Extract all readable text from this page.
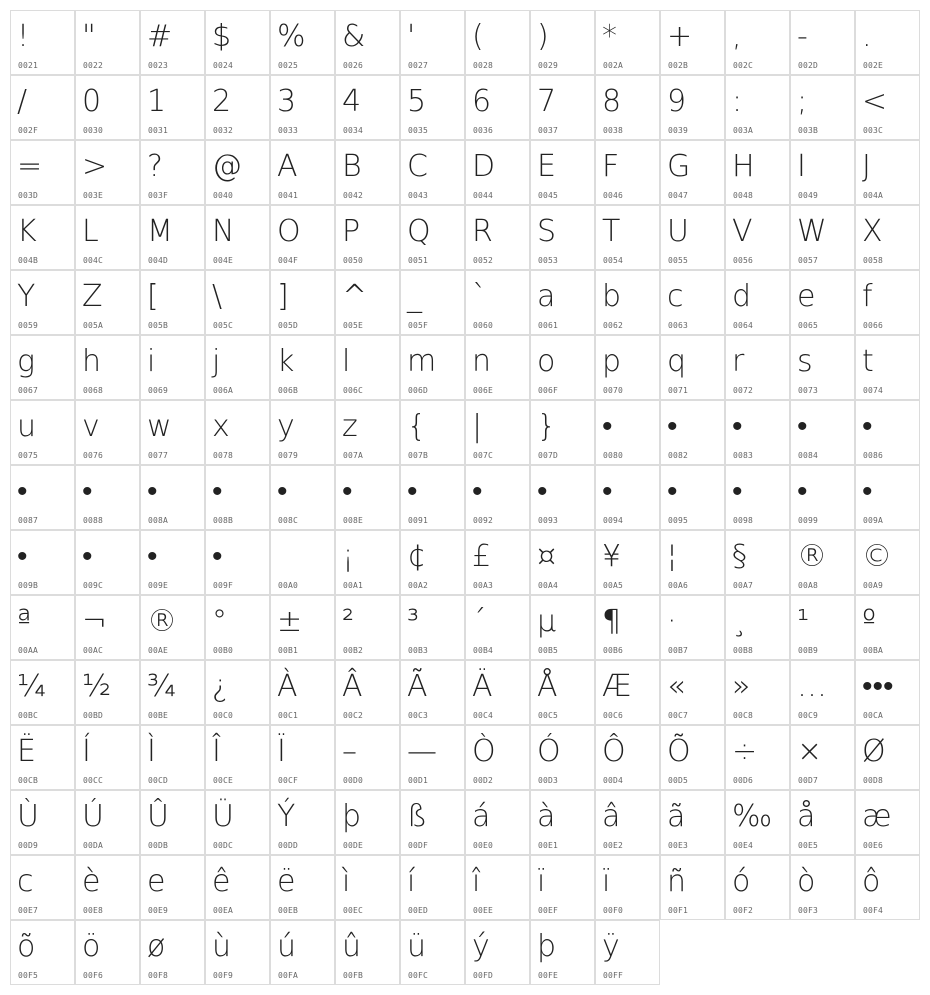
!
0021
"
0022
#
0023
$
0024
%
0025
&
0026
'
0027
(
0028
)
0029
*
002A
+
002B
,
002C
-
002D
.
002E
/
002F
0
0030
1
0031
2
0032
3
0033
4
0034
5
0035
6
0036
7
0037
8
0038
9
0039
:
003A
;
003B
<
003C
=
003D
>
003E
?
003F
@
0040
A
0041
B
0042
C
0043
D
0044
E
0045
F
0046
G
0047
H
0048
I
0049
J
004A
K
004B
L
004C
M
004D
N
004E
O
004F
P
0050
Q
0051
R
0052
S
0053
T
0054
U
0055
V
0056
W
0057
X
0058
Y
0059
Z
005A
[
005B
\
005C
]
005D
^
005E
_
005F
`
0060
a
0061
b
0062
c
0063
d
0064
e
0065
f
0066
g
0067
h
0068
i
0069
j
006A
k
006B
l
006C
m
006D
n
006E
o
006F
p
0070
q
0071
r
0072
s
0073
t
0074
u
0075
v
0076
w
0077
x
0078
y
0079
z
007A
{
007B
|
007C
}
007D
•
0080
•
0082
•
0083
•
0084
•
0086
•
0087
•
0088
•
008A
•
008B
•
008C
•
008E
•
0091
•
0092
•
0093
•
0094
•
0095
•
0098
•
0099
•
009A
•
009B
•
009C
•
009E
•
009F	00A0
¡
00A1
¢
00A2
£
00A3
¤
00A4
¥
00A5
¦
00A6
§
00A7
®
00A8
©
00A9
ª
00AA
¬
00AC
®
00AE
°
00B0
±
00B1
²
00B2
³
00B3
´
00B4
µ
00B5
¶
00B6
·
00B7
¸
00B8
¹
00B9
º
00BA
¼
00BC
½
00BD
¾
00BE
¿
00C0
À
00C1
Â
00C2
Ã
00C3
Ä
00C4
Å
00C5
Æ
00C6
«
00C7
»
00C8
…
00C9
•••
00CA
Ë
00CB
Í
00CC
Ì
00CD
Î
00CE
Ï
00CF
–
00D0
—
00D1
Ò
00D2
Ó
00D3
Ô
00D4
Õ
00D5
÷
00D6
×
00D7
Ø
00D8
Ù
00D9
Ú
00DA
Û
00DB
Ü
00DC
Ý
00DD
þ
00DE
ß
00DF
á
00E0
à
00E1
â
00E2
ã
00E3
‰
00E4
å
00E5
æ
00E6
c
00E7
è
00E8
e
00E9
ê
00EA
ë
00EB
ì
00EC
í
00ED
î
00EE
ï
00EF
ï
00F0
ñ
00F1
ó
00F2
ò
00F3
ô
00F4
õ
00F5
ö
00F6
ø
00F8
ù
00F9
ú
00FA
û
00FB
ü
00FC
ý
00FD
þ
00FE
ÿ
00FF
